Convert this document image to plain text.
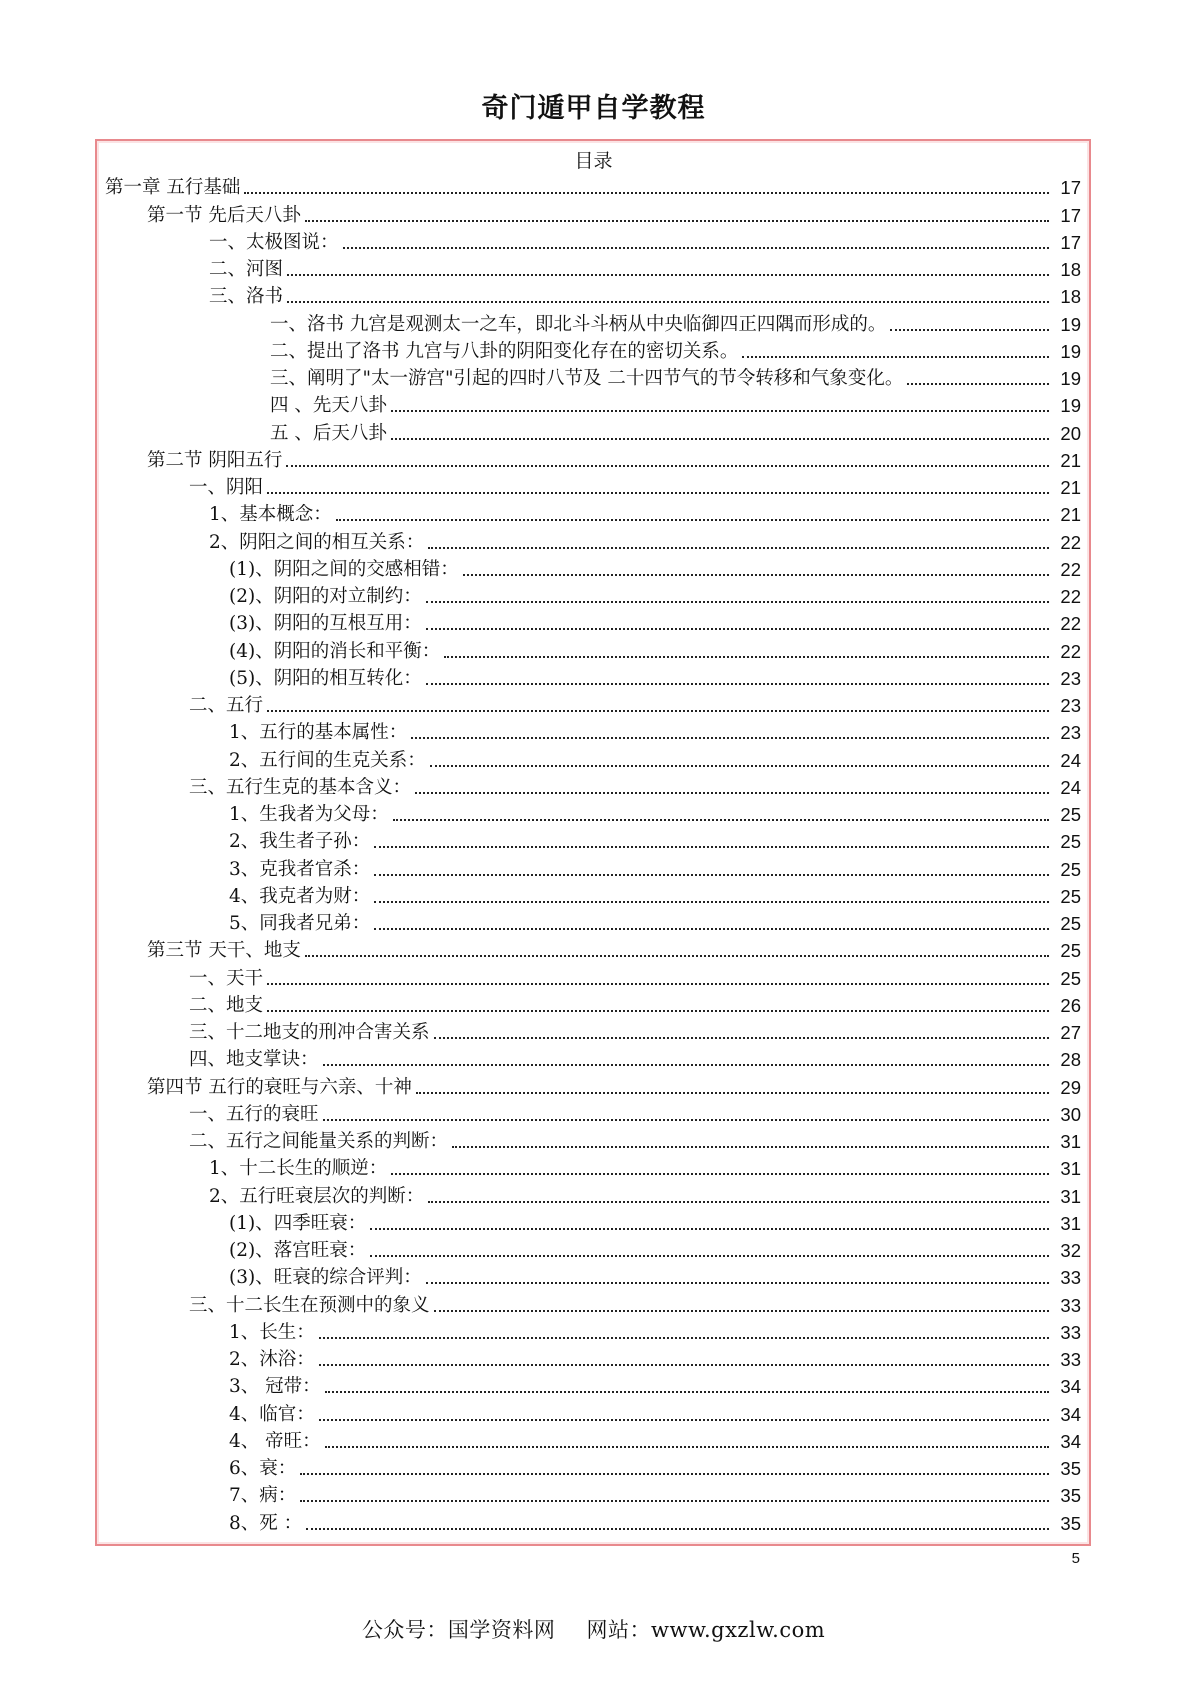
奇门遁甲自学教程
目录
第一章 五行基础	17
第一节 先后天八卦	17
一、太极图说：	17
二、河图	18
三、洛书	18
一、洛书 九宫是观测太一之车，即北斗斗柄从中央临御四正四隅而形成的。	19
二、提出了洛书 九宫与八卦的阴阳变化存在的密切关系。	19
三、阐明了"太一游宫"引起的四时八节及 二十四节气的节令转移和气象变化。	19
四 、先天八卦	19
五 、后天八卦	20
第二节 阴阳五行	21
一、阴阳	21
1、基本概念：	21
2、阴阳之间的相互关系：	22
(1)、阴阳之间的交感相错：	22
(2)、阴阳的对立制约：	22
(3)、阴阳的互根互用：	22
(4)、阴阳的消长和平衡：	22
(5)、阴阳的相互转化：	23
二、五行	23
1、五行的基本属性：	23
2、五行间的生克关系：	24
三、五行生克的基本含义：	24
1、生我者为父母：	25
2、我生者子孙：	25
3、克我者官杀：	25
4、我克者为财：	25
5、同我者兄弟：	25
第三节 天干、地支	25
一、天干	25
二、地支	26
三、十二地支的刑冲合害关系	27
四、地支掌诀：	28
第四节 五行的衰旺与六亲、十神	29
一、五行的衰旺	30
二、五行之间能量关系的判断：	31
1、十二长生的顺逆：	31
2、五行旺衰层次的判断：	31
(1)、四季旺衰：	31
(2)、落宫旺衰：	32
(3)、旺衰的综合评判：	33
三、十二长生在预测中的象义	33
1、长生：	33
2、沐浴：	33
3、 冠带：	34
4、临官：	34
4、 帝旺：	34
6、衰：	35
7、病：	35
8、死 ：	35
5
公众号：国学资料网 网站：www.gxzlw.com
